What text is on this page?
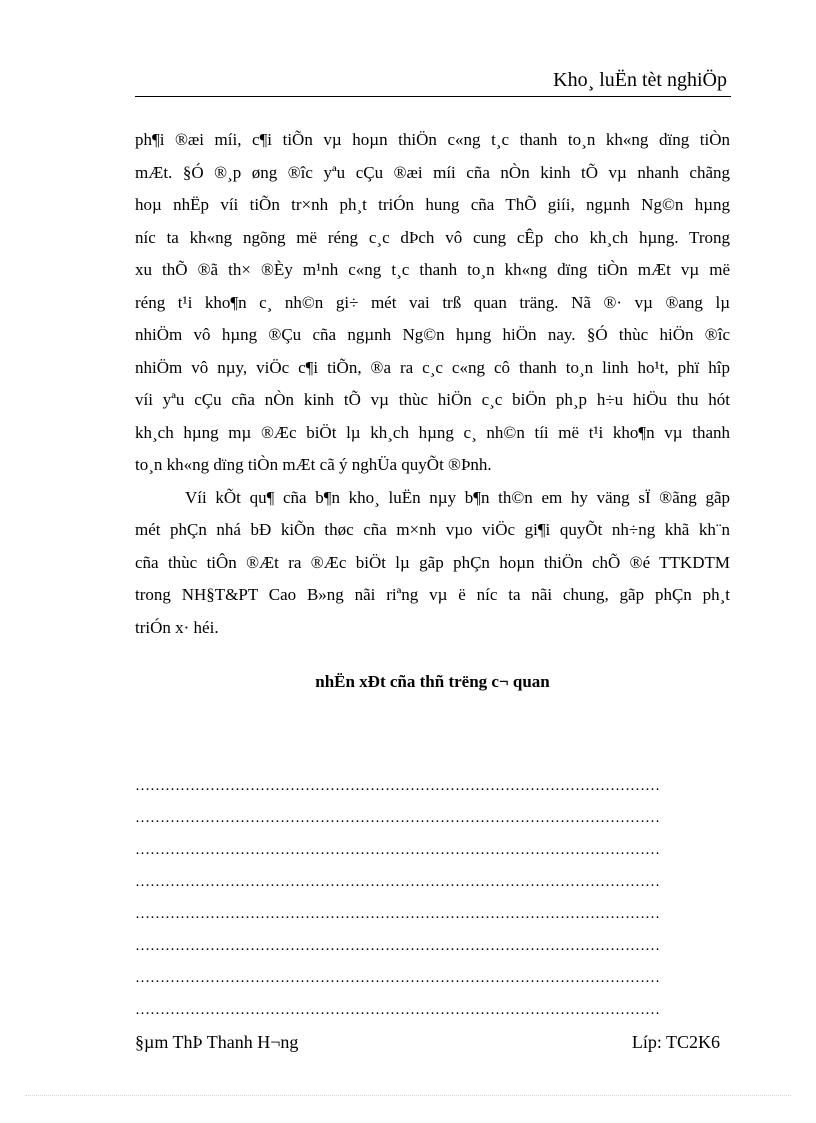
Kho¸ luËn tèt nghiÖp
ph¶i ®æi míi, c¶i tiÕn vµ hoµn thiÖn c«ng t¸c thanh to¸n kh«ng dïng tiÒn
mÆt. §Ó ®¸p øng ®îc yªu cÇu ®æi míi cña nÒn kinh tÕ vµ nhanh chãng
hoµ nhËp víi tiÕn tr×nh ph¸t triÓn hung cña ThÕ giíi, ngµnh Ng©n hµng
níc ta kh«ng ngõng më réng c¸c dÞch vô cung cÊp cho kh¸ch hµng. Trong
xu thÕ ®ã th× ®Èy m¹nh c«ng t¸c thanh to¸n kh«ng dïng tiÒn mÆt vµ më
réng t¹i kho¶n c¸ nh©n gi÷ mét vai trß quan träng. Nã ®· vµ ®ang lµ
nhiÖm vô hµng ®Çu cña ngµnh Ng©n hµng hiÖn nay. §Ó thùc hiÖn ®îc
nhiÖm vô nµy, viÖc c¶i tiÕn, ®a ra c¸c c«ng cô thanh to¸n linh ho¹t, phï hîp
víi yªu cÇu cña nÒn kinh tÕ vµ thùc hiÖn c¸c biÖn ph¸p h÷u hiÖu thu hót
kh¸ch hµng mµ ®Æc biÖt lµ kh¸ch hµng c¸ nh©n tíi më t¹i kho¶n vµ thanh
to¸n kh«ng dïng tiÒn mÆt cã ý nghÜa quyÕt ®Þnh.
Víi kÕt qu¶ cña b¶n kho¸ luËn nµy b¶n th©n em hy väng sÏ ®ãng gãp
mét phÇn nhá bÐ kiÕn thøc cña m×nh vµo viÖc gi¶i quyÕt nh÷ng khã kh¨n
cña thùc tiÔn ®Æt ra ®Æc biÖt lµ gãp phÇn hoµn thiÖn chÕ ®é TTKDTM
trong NH§T&PT Cao B»ng nãi riªng vµ ë níc ta nãi chung, gãp phÇn ph¸t
triÓn x· héi.
nhËn xÐt cña thñ trëng c¬ quan
……………………………………………………………………………………………
……………………………………………………………………………………………
……………………………………………………………………………………………
……………………………………………………………………………………………
……………………………………………………………………………………………
……………………………………………………………………………………………
……………………………………………………………………………………………
……………………………………………………………………………………………
§µm ThÞ Thanh H¬ng	Líp: TC2K6
